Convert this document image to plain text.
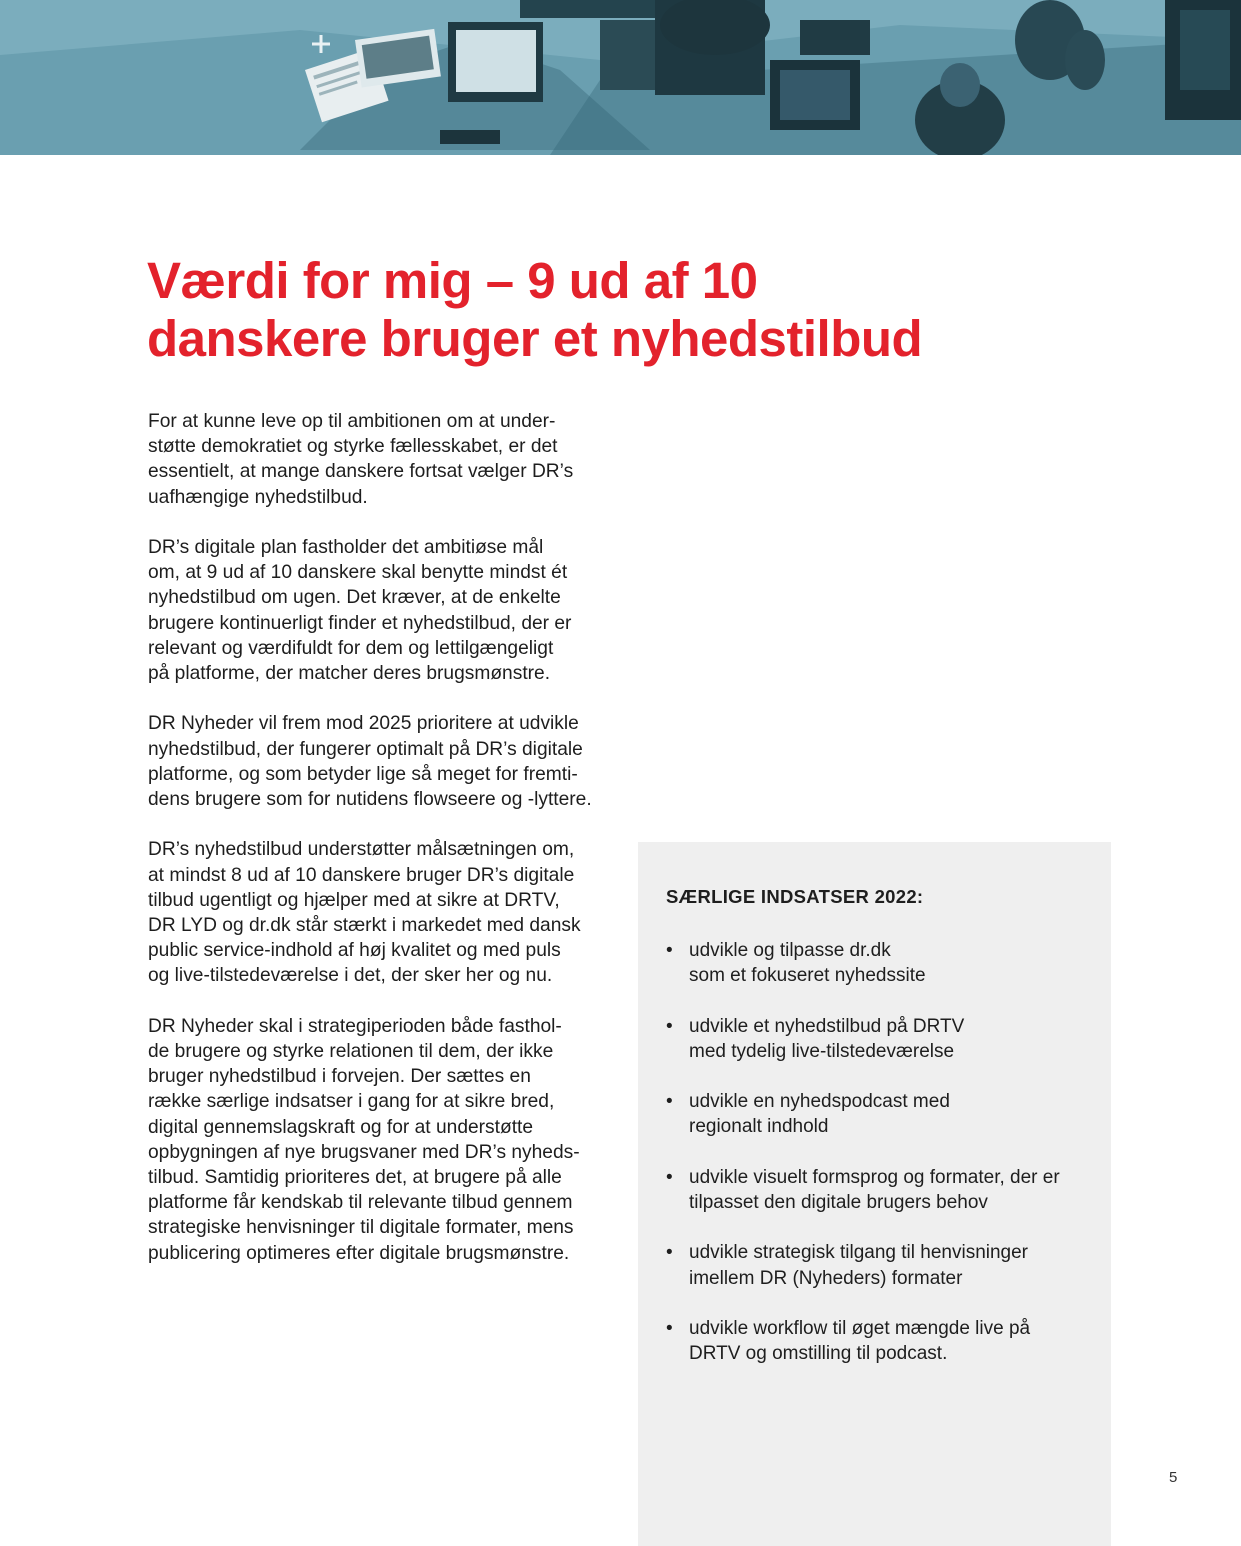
Værdi for mig – 9 ud af 10
danskere bruger et nyhedstilbud

For at kunne leve op til ambitionen om at under-
støtte demokratiet og styrke fællesskabet, er det
essentielt, at mange danskere fortsat vælger DR’s
uafhængige nyhedstilbud.

DR’s digitale plan fastholder det ambitiøse mål
om, at 9 ud af 10 danskere skal benytte mindst ét
nyhedstilbud om ugen. Det kræver, at de enkelte
brugere kontinuerligt finder et nyhedstilbud, der er
relevant og værdifuldt for dem og lettilgængeligt
på platforme, der matcher deres brugsmønstre.

DR Nyheder vil frem mod 2025 prioritere at udvikle
nyhedstilbud, der fungerer optimalt på DR’s digitale
platforme, og som betyder lige så meget for fremti-
dens brugere som for nutidens flowseere og -lyttere.

DR’s nyhedstilbud understøtter målsætningen om,
at mindst 8 ud af 10 danskere bruger DR’s digitale
tilbud ugentligt og hjælper med at sikre at DRTV,
DR LYD og dr.dk står stærkt i markedet med dansk
public service-indhold af høj kvalitet og med puls
og live-tilstedeværelse i det, der sker her og nu.

DR Nyheder skal i strategiperioden både fasthol-
de brugere og styrke relationen til dem, der ikke
bruger nyhedstilbud i forvejen. Der sættes en
række særlige indsatser i gang for at sikre bred,
digital gennemslagskraft og for at understøtte
opbygningen af nye brugsvaner med DR’s nyheds-
tilbud. Samtidig prioriteres det, at brugere på alle
platforme får kendskab til relevante tilbud gennem
strategiske henvisninger til digitale formater, mens
publicering optimeres efter digitale brugsmønstre.

SÆRLIGE INDSATSER 2022:
• udvikle og tilpasse dr.dk
som et fokuseret nyhedssite
• udvikle et nyhedstilbud på DRTV
med tydelig live-tilstedeværelse
• udvikle en nyhedspodcast med
regionalt indhold
• udvikle visuelt formsprog og formater, der er
tilpasset den digitale brugers behov
• udvikle strategisk tilgang til henvisninger
imellem DR (Nyheders) formater
• udvikle workflow til øget mængde live på
DRTV og omstilling til podcast.
5
